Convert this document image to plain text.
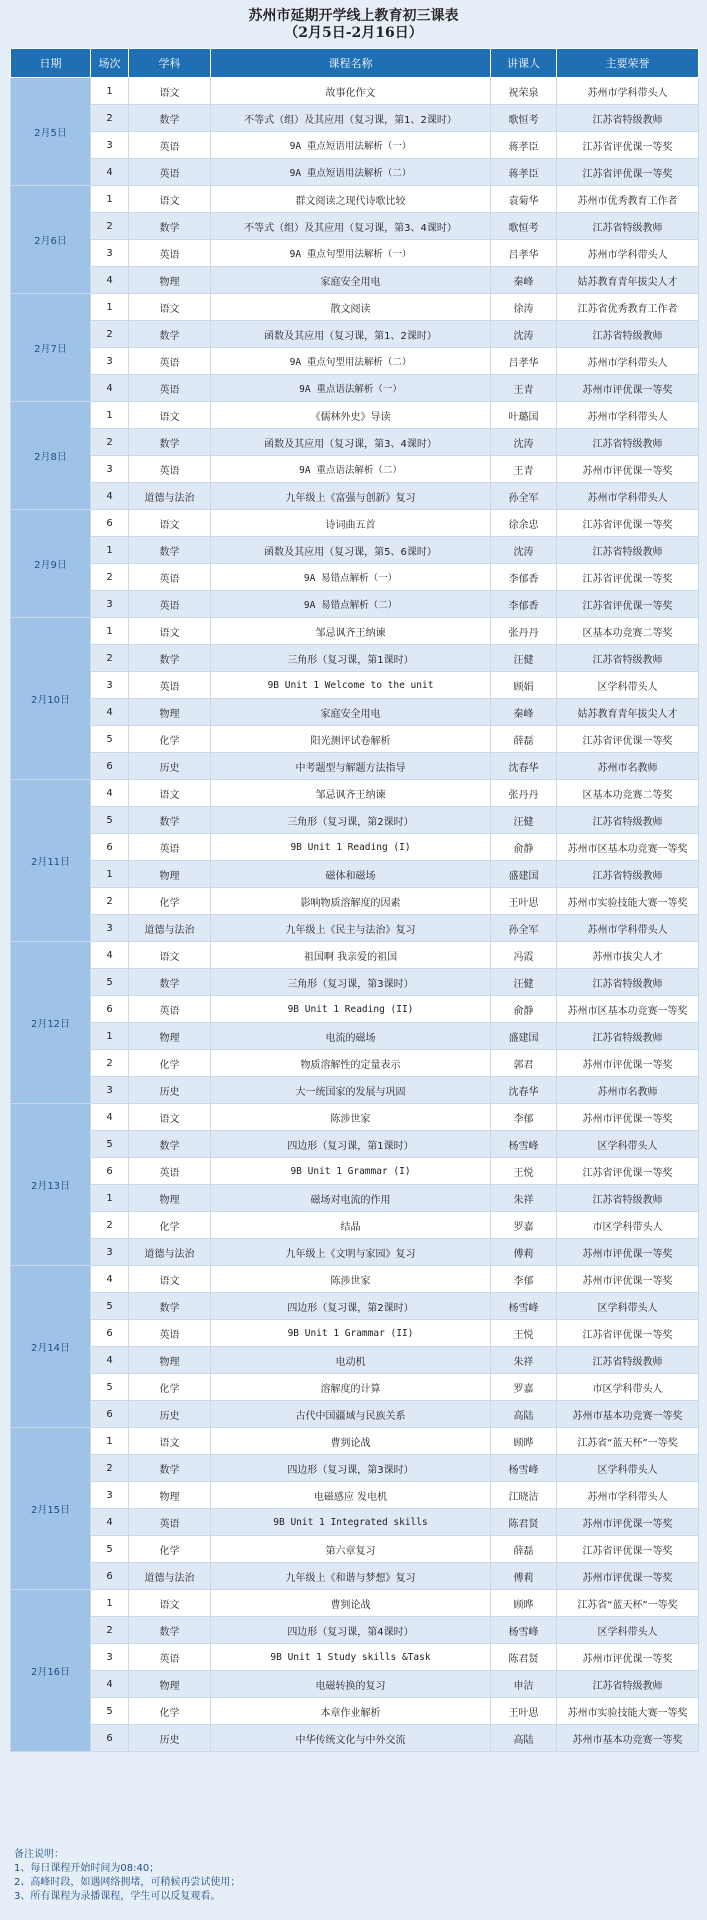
苏州市延期开学线上教育初三课表
（2月5日-2月16日）
日期	场次	学科	课程名称	讲课人	主要荣誉
2月5日	1	语文	故事化作文	祝荣泉	苏州市学科带头人
	2	数学	不等式（组）及其应用（复习课，第1、2课时）	歌恒考	江苏省特级教师
	3	英语	9A 重点短语用法解析（一）	蒋孝臣	江苏省评优课一等奖
	4	英语	9A 重点短语用法解析（二）	蒋孝臣	江苏省评优课一等奖
2月6日	1	语文	群文阅读之现代诗歌比较	袁菊华	苏州市优秀教育工作者
	2	数学	不等式（组）及其应用（复习课，第3、4课时）	歌恒考	江苏省特级教师
	3	英语	9A 重点句型用法解析（一）	吕孝华	苏州市学科带头人
	4	物理	家庭安全用电	秦峰	姑苏教育青年拔尖人才
2月7日	1	语文	散文阅读	徐涛	江苏省优秀教育工作者
	2	数学	函数及其应用（复习课，第1、2课时）	沈涛	江苏省特级教师
	3	英语	9A 重点句型用法解析（二）	吕孝华	苏州市学科带头人
	4	英语	9A 重点语法解析（一）	王青	苏州市评优课一等奖
2月8日	1	语文	《儒林外史》导读	叶璐国	苏州市学科带头人
	2	数学	函数及其应用（复习课，第3、4课时）	沈涛	江苏省特级教师
	3	英语	9A 重点语法解析（二）	王青	苏州市评优课一等奖
	4	道德与法治	九年级上《富强与创新》复习	孙全军	苏州市学科带头人
2月9日	6	语文	诗词曲五首	徐余忠	江苏省评优课一等奖
	1	数学	函数及其应用（复习课，第5、6课时）	沈涛	江苏省特级教师
	2	英语	9A 易错点解析（一）	李郁香	江苏省评优课一等奖
	3	英语	9A 易错点解析（二）	李郁香	江苏省评优课一等奖
2月10日	1	语文	邹忌讽齐王纳谏	张丹丹	区基本功竞赛二等奖
	2	数学	三角形（复习课，第1课时）	汪健	江苏省特级教师
	3	英语	9B Unit 1 Welcome to the unit	顾娟	区学科带头人
	4	物理	家庭安全用电	秦峰	姑苏教育青年拔尖人才
	5	化学	阳光测评试卷解析	薛磊	江苏省评优课一等奖
	6	历史	中考题型与解题方法指导	沈春华	苏州市名教师
2月11日	4	语文	邹忌讽齐王纳谏	张丹丹	区基本功竞赛二等奖
	5	数学	三角形（复习课，第2课时）	汪健	江苏省特级教师
	6	英语	9B Unit 1 Reading (I)	俞静	苏州市区基本功竞赛一等奖
	1	物理	磁体和磁场	盛建国	江苏省特级教师
	2	化学	影响物质溶解度的因素	王叶思	苏州市实验技能大赛一等奖
	3	道德与法治	九年级上《民主与法治》复习	孙全军	苏州市学科带头人
2月12日	4	语文	祖国啊 我亲爱的祖国	冯霞	苏州市拔尖人才
	5	数学	三角形（复习课，第3课时）	汪健	江苏省特级教师
	6	英语	9B Unit 1 Reading (II)	俞静	苏州市区基本功竞赛一等奖
	1	物理	电流的磁场	盛建国	江苏省特级教师
	2	化学	物质溶解性的定量表示	郭君	苏州市评优课一等奖
	3	历史	大一统国家的发展与巩固	沈春华	苏州市名教师
2月13日	4	语文	陈涉世家	李郁	苏州市评优课一等奖
	5	数学	四边形（复习课，第1课时）	杨雪峰	区学科带头人
	6	英语	9B Unit 1 Grammar (I)	王悦	江苏省评优课一等奖
	1	物理	磁场对电流的作用	朱祥	江苏省特级教师
	2	化学	结晶	罗嘉	市区学科带头人
	3	道德与法治	九年级上《文明与家园》复习	傅莉	苏州市评优课一等奖
2月14日	4	语文	陈涉世家	李郁	苏州市评优课一等奖
	5	数学	四边形（复习课，第2课时）	杨雪峰	区学科带头人
	6	英语	9B Unit 1 Grammar (II)	王悦	江苏省评优课一等奖
	4	物理	电动机	朱祥	江苏省特级教师
	5	化学	溶解度的计算	罗嘉	市区学科带头人
	6	历史	古代中国疆域与民族关系	高陆	苏州市基本功竞赛一等奖
2月15日	1	语文	曹刿论战	顾晔	江苏省“蓝天杯”一等奖
	2	数学	四边形（复习课，第3课时）	杨雪峰	区学科带头人
	3	物理	电磁感应 发电机	江晓洁	苏州市学科带头人
	4	英语	9B Unit 1 Integrated skills	陈君贤	苏州市评优课一等奖
	5	化学	第六章复习	薛磊	江苏省评优课一等奖
	6	道德与法治	九年级上《和谐与梦想》复习	傅莉	苏州市评优课一等奖
2月16日	1	语文	曹刿论战	顾晔	江苏省“蓝天杯”一等奖
	2	数学	四边形（复习课，第4课时）	杨雪峰	区学科带头人
	3	英语	9B Unit 1 Study skills &Task	陈君贤	苏州市评优课一等奖
	4	物理	电磁转换的复习	申洁	江苏省特级教师
	5	化学	本章作业解析	王叶思	苏州市实验技能大赛一等奖
	6	历史	中华传统文化与中外交流	高陆	苏州市基本功竞赛一等奖
备注说明：
1、每日课程开始时间为08:40；
2、高峰时段，如遇网络拥堵，可稍候再尝试使用；
3、所有课程为录播课程，学生可以反复观看。
